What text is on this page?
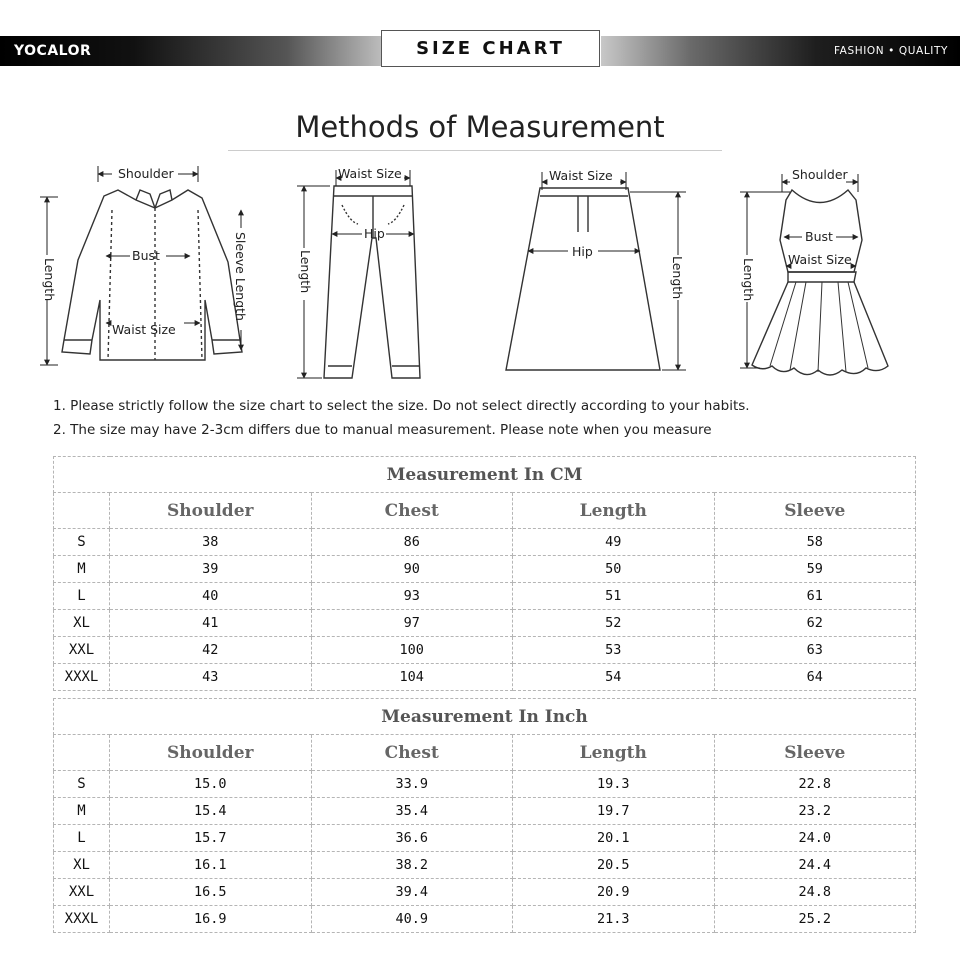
YOCALOR	FASHION • QUALITY
SIZE CHART
Methods of Measurement
Shoulder
Bust
Waist Size
Length	Sleeve Length
Waist Size
Hip
Length
Waist Size
Hip
Length
Shoulder
Bust
Waist Size
Length
1. Please strictly follow the size chart to select the size. Do not select directly according to your habits.
2. The size may have 2-3cm differs due to manual measurement. Please note when you measure
Measurement In CM				
	Shoulder	Chest	Length	Sleeve
S	38	86	49	58
M	39	90	50	59
L	40	93	51	61
XL	41	97	52	62
XXL	42	100	53	63
XXXL	43	104	54	64
Measurement In Inch				
	Shoulder	Chest	Length	Sleeve
S	15.0	33.9	19.3	22.8
M	15.4	35.4	19.7	23.2
L	15.7	36.6	20.1	24.0
XL	16.1	38.2	20.5	24.4
XXL	16.5	39.4	20.9	24.8
XXXL	16.9	40.9	21.3	25.2
